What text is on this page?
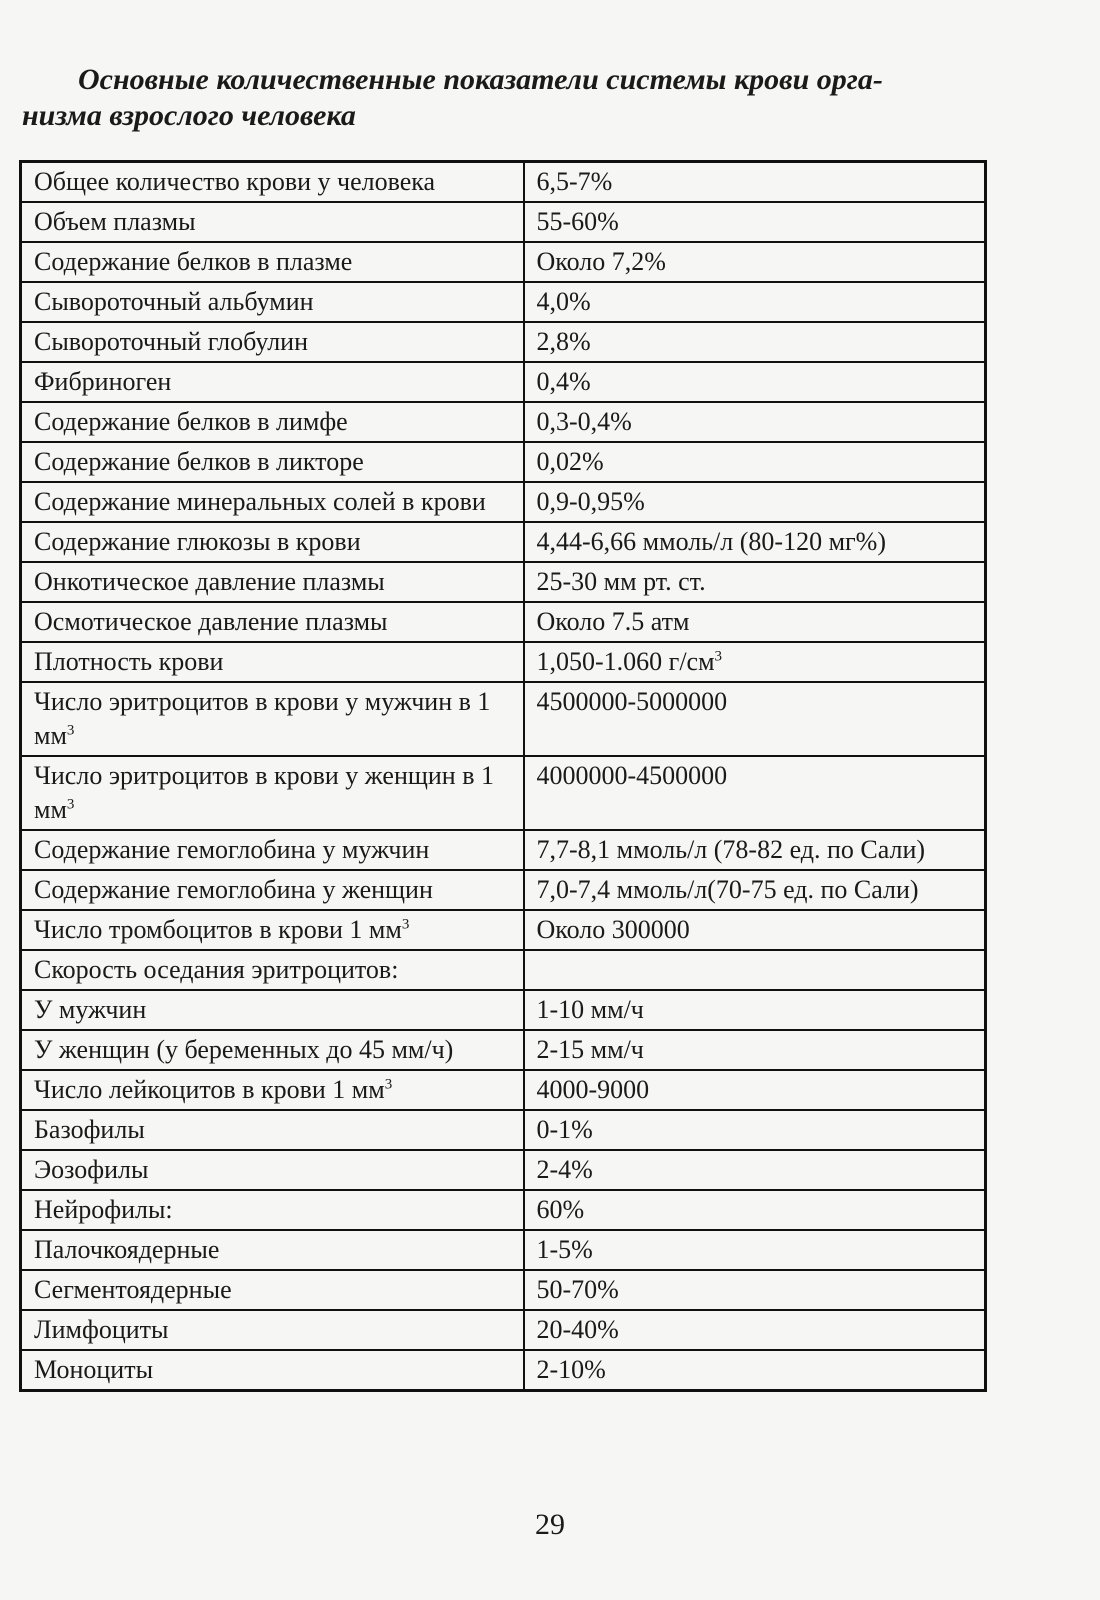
Основные количественные показатели системы крови орга-
низма взрослого человека
Общее количество крови у человека	6,5-7%
Объем плазмы	55-60%
Содержание белков в плазме	Около 7,2%
Сывороточный альбумин	4,0%
Сывороточный глобулин	2,8%
Фибриноген	0,4%
Содержание белков в лимфе	0,3-0,4%
Содержание белков в ликторе	0,02%
Содержание минеральных солей в крови	0,9-0,95%
Содержание глюкозы в крови	4,44-6,66 ммоль/л (80-120 мг%)
Онкотическое давление плазмы	25-30 мм рт. ст.
Осмотическое давление плазмы	Около 7.5 атм
Плотность крови	1,050-1.060 $г/см^3$
Число эритроцитов в крови у мужчин в 1 $мм^3$	4500000-5000000
Число эритроцитов в крови у женщин в 1 $мм^3$	4000000-4500000
Содержание гемоглобина у мужчин	7,7-8,1 ммоль/л (78-82 ед. по Сали)
Содержание гемоглобина у женщин	7,0-7,4 ммоль/л(70-75 ед. по Сали)
Число тромбоцитов в крови 1 $мм^3$	Около 300000
Скорость оседания эритроцитов:	
У мужчин	1-10 мм/ч
У женщин (у беременных до 45 мм/ч)	2-15 мм/ч
Число лейкоцитов в крови 1 $мм^3$	4000-9000
Базофилы	0-1%
Эозофилы	2-4%
Нейрофилы:	60%
Палочкоядерные	1-5%
Сегментоядерные	50-70%
Лимфоциты	20-40%
Моноциты	2-10%
29
